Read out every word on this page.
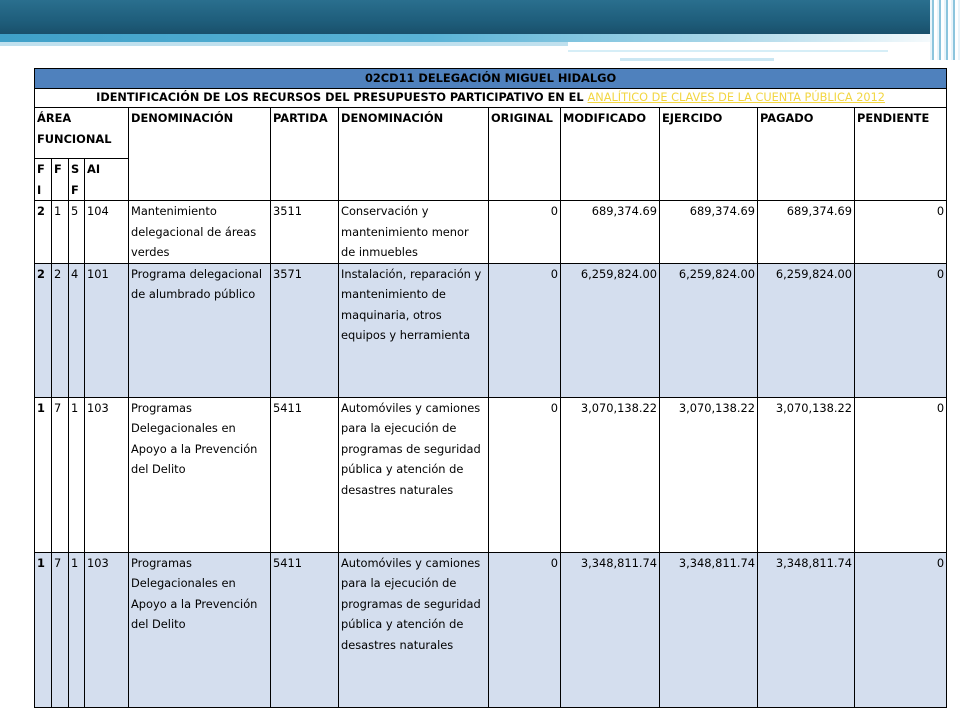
02CD11 DELEGACIÓN MIGUEL HIDALGO											
IDENTIFICACIÓN DE LOS RECURSOS DEL PRESUPUESTO PARTICIPATIVO EN EL ANALÍTICO DE CLAVES DE LA CUENTA PÚBLICA 2012											
ÁREA FUNCIONAL				DENOMINACIÓN	PARTIDA	DENOMINACIÓN	ORIGINAL	MODIFICADO	EJERCIDO	PAGADO	PENDIENTE
FI	F	S F	AI								
2	1	5	104	Mantenimiento delegacional de áreas verdes	3511	Conservación y mantenimiento menor de inmuebles	0	689,374.69	689,374.69	689,374.69	0
2	2	4	101	Programa delegacional de alumbrado público	3571	Instalación, reparación y mantenimiento de maquinaria, otros equipos y herramienta	0	6,259,824.00	6,259,824.00	6,259,824.00	0
1	7	1	103	Programas Delegacionales en Apoyo a la Prevención del Delito	5411	Automóviles y camiones para la ejecución de programas de seguridad pública y atención de desastres naturales	0	3,070,138.22	3,070,138.22	3,070,138.22	0
1	7	1	103	Programas Delegacionales en Apoyo a la Prevención del Delito	5411	Automóviles y camiones para la ejecución de programas de seguridad pública y atención de desastres naturales	0	3,348,811.74	3,348,811.74	3,348,811.74	0
